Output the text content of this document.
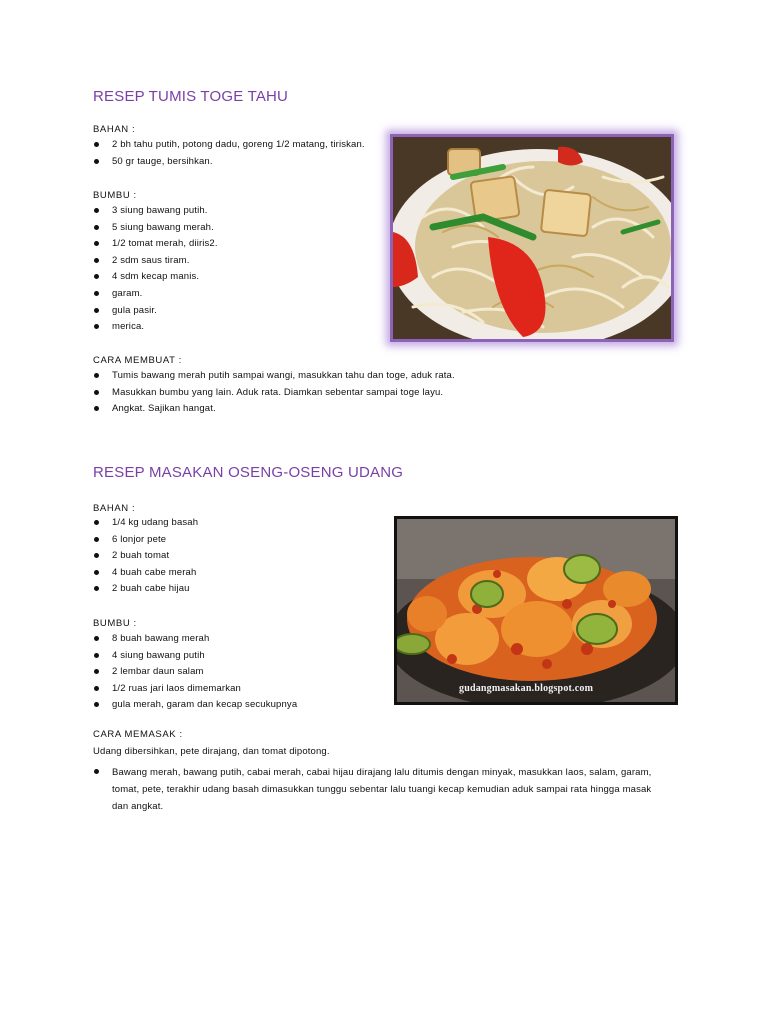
RESEP TUMIS TOGE TAHU
BAHAN :
2 bh tahu putih, potong dadu, goreng 1/2 matang, tiriskan.
50 gr tauge, bersihkan.
BUMBU :
3 siung bawang putih.
5 siung bawang merah.
1/2 tomat merah, diiris2.
2 sdm saus tiram.
4 sdm kecap manis.
garam.
gula pasir.
merica.
CARA MEMBUAT :
Tumis bawang merah putih sampai wangi, masukkan tahu dan toge, aduk rata.
Masukkan bumbu yang lain. Aduk rata. Diamkan sebentar sampai toge layu.
Angkat. Sajikan hangat.
RESEP MASAKAN OSENG-OSENG UDANG
BAHAN :
1/4 kg udang basah
6 lonjor pete
2 buah tomat
4 buah cabe merah
2 buah cabe hijau
BUMBU :
8 buah bawang merah
4 siung bawang putih
2 lembar daun salam
1/2 ruas jari laos dimemarkan
gula merah, garam dan kecap secukupnya
CARA MEMASAK :
Udang dibersihkan, pete dirajang, dan tomat dipotong.
Bawang merah, bawang putih, cabai merah, cabai hijau dirajang lalu ditumis dengan minyak, masukkan laos, salam, garam, tomat, pete, terakhir udang basah dimasukkan tunggu sebentar lalu tuangi kecap kemudian aduk sampai rata hingga masak dan angkat.
gudangmasakan.blogspot.com
